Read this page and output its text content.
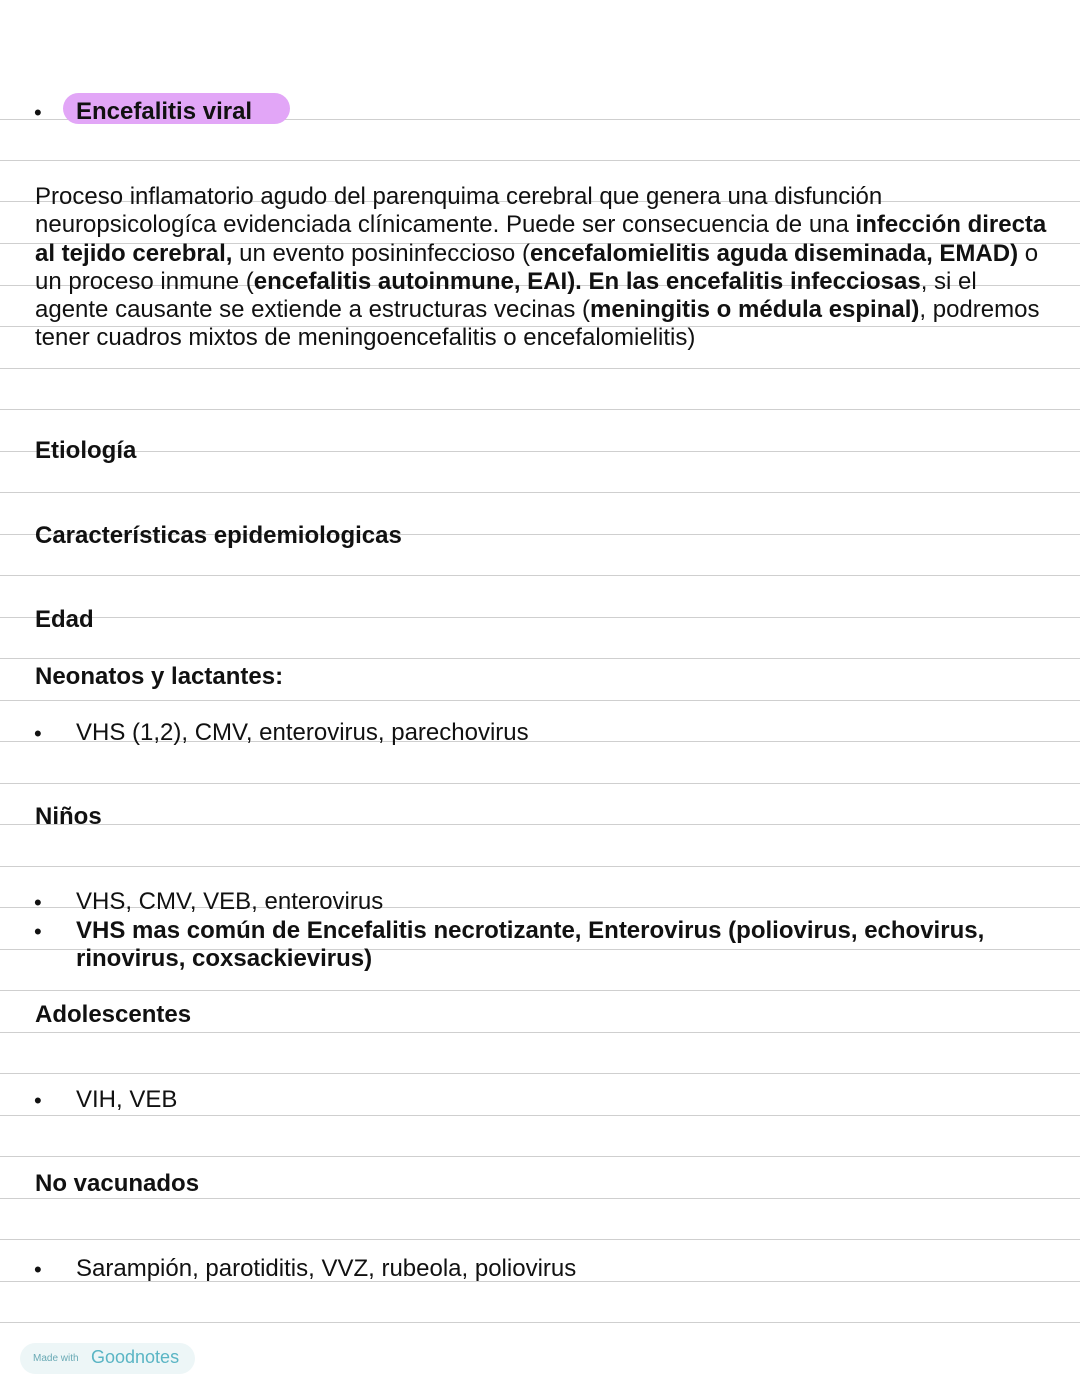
• Encefalitis viral
Proceso inflamatorio agudo del parenquima cerebral que genera una disfunción neuropsicologíca evidenciada clínicamente. Puede ser consecuencia de una infección directa al tejido cerebral, un evento posininfeccioso (encefalomielitis aguda diseminada, EMAD) o un proceso inmune (encefalitis autoinmune, EAI). En las encefalitis infecciosas, si el agente causante se extiende a estructuras vecinas (meningitis o médula espinal), podremos tener cuadros mixtos de meningoencefalitis o encefalomielitis)
Etiología
Características epidemiologicas
Edad
Neonatos y lactantes:
• VHS (1,2), CMV, enterovirus, parechovirus
Niños
• VHS, CMV, VEB, enterovirus
• VHS mas común de Encefalitis necrotizante, Enterovirus (poliovirus, echovirus,
rinovirus, coxsackievirus)
Adolescentes
• VIH, VEB
No vacunados
• Sarampión, parotiditis, VVZ, rubeola, poliovirus
Made with Goodnotes
